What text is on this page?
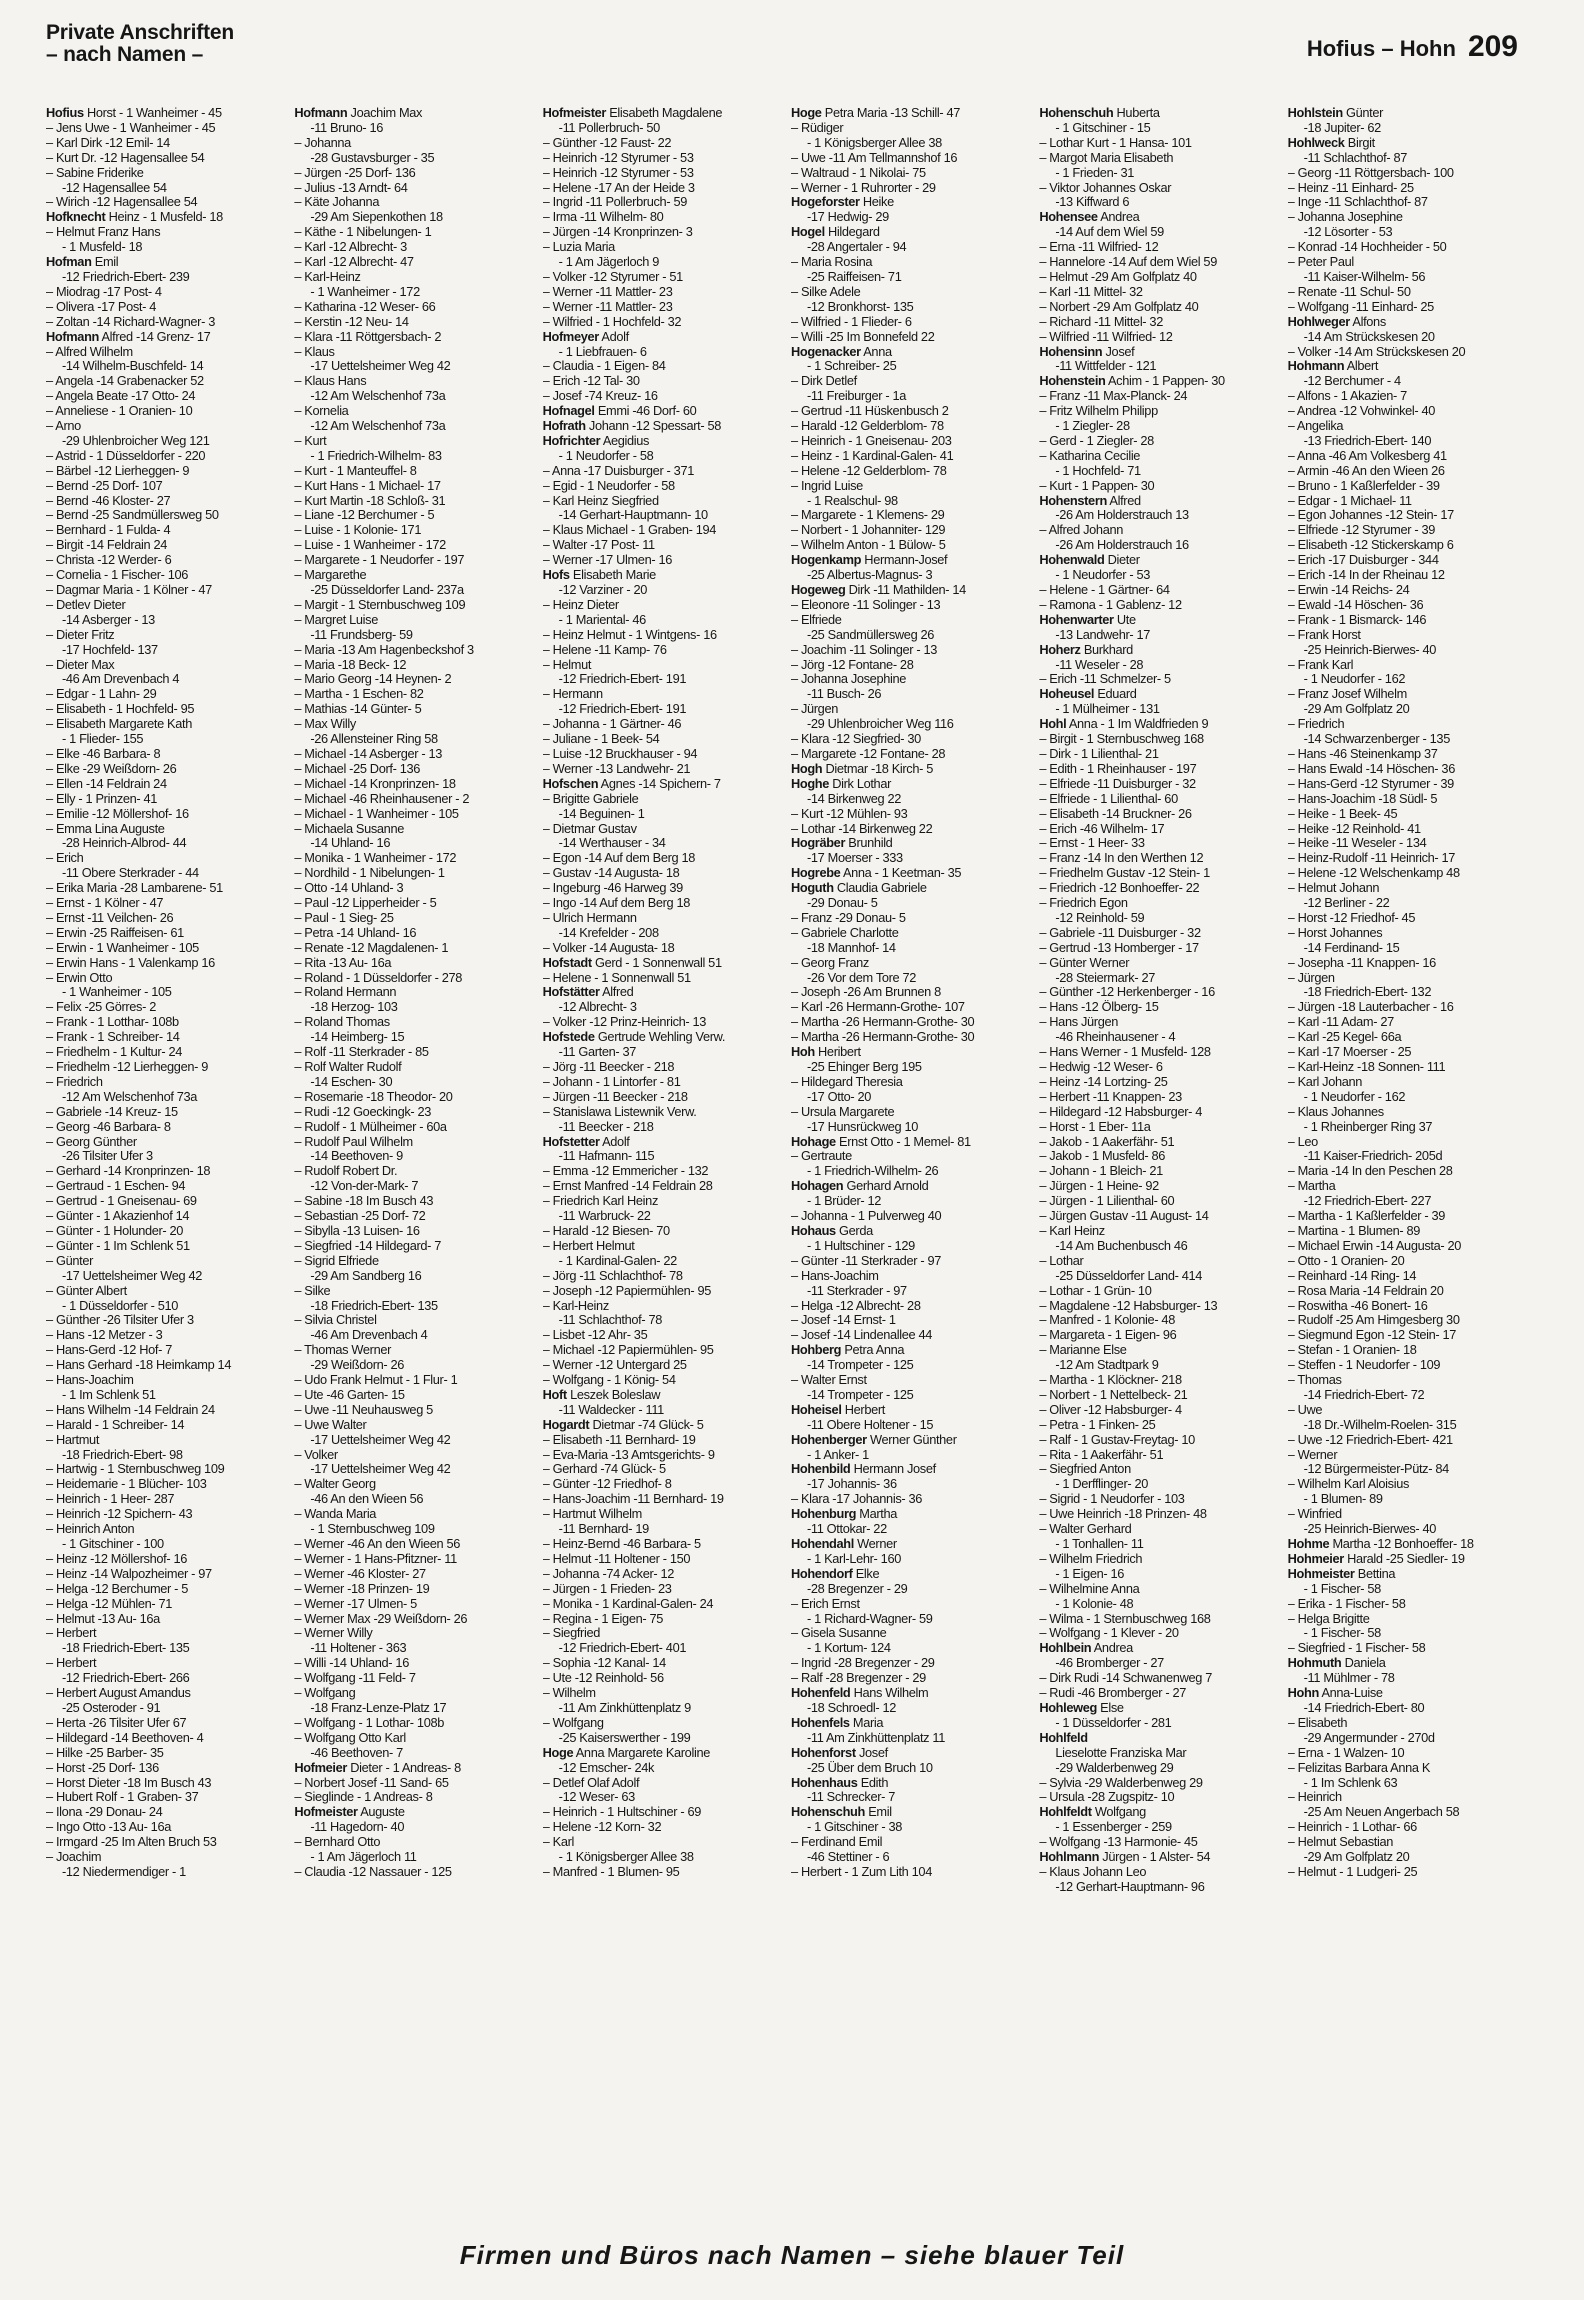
Private Anschriften
– nach Namen –	Hofius – Hohn 209
Hofius Horst - 1 Wanheimer - 45
– Jens Uwe - 1 Wanheimer - 45
– Karl Dirk -12 Emil- 14
– Kurt Dr. -12 Hagensallee 54
– Sabine Friderike
-12 Hagensallee 54
– Wirich -12 Hagensallee 54
Hofknecht Heinz - 1 Musfeld- 18
– Helmut Franz Hans
- 1 Musfeld- 18
Hofman Emil
-12 Friedrich-Ebert- 239
– Miodrag -17 Post- 4
– Olivera -17 Post- 4
– Zoltan -14 Richard-Wagner- 3
Hofmann Alfred -14 Grenz- 17
– Alfred Wilhelm
-14 Wilhelm-Buschfeld- 14
– Angela -14 Grabenacker 52
– Angela Beate -17 Otto- 24
– Anneliese - 1 Oranien- 10
– Arno
-29 Uhlenbroicher Weg 121
– Astrid - 1 Düsseldorfer - 220
– Bärbel -12 Lierheggen- 9
– Bernd -25 Dorf- 107
– Bernd -46 Kloster- 27
– Bernd -25 Sandmüllersweg 50
– Bernhard - 1 Fulda- 4
– Birgit -14 Feldrain 24
– Christa -12 Werder- 6
– Cornelia - 1 Fischer- 106
– Dagmar Maria - 1 Kölner - 47
– Detlev Dieter
-14 Asberger - 13
– Dieter Fritz
-17 Hochfeld- 137
– Dieter Max
-46 Am Drevenbach 4
– Edgar - 1 Lahn- 29
– Elisabeth - 1 Hochfeld- 95
– Elisabeth Margarete Kath
- 1 Flieder- 155
– Elke -46 Barbara- 8
– Elke -29 Weißdorn- 26
– Ellen -14 Feldrain 24
– Elly - 1 Prinzen- 41
– Emilie -12 Möllershof- 16
– Emma Lina Auguste
-28 Heinrich-Albrod- 44
– Erich
-11 Obere Sterkrader - 44
– Erika Maria -28 Lambarene- 51
– Ernst - 1 Kölner - 47
– Ernst -11 Veilchen- 26
– Erwin -25 Raiffeisen- 61
– Erwin - 1 Wanheimer - 105
– Erwin Hans - 1 Valenkamp 16
– Erwin Otto
- 1 Wanheimer - 105
– Felix -25 Görres- 2
– Frank - 1 Lotthar- 108b
– Frank - 1 Schreiber- 14
– Friedhelm - 1 Kultur- 24
– Friedhelm -12 Lierheggen- 9
– Friedrich
-12 Am Welschenhof 73a
– Gabriele -14 Kreuz- 15
– Georg -46 Barbara- 8
– Georg Günther
-26 Tilsiter Ufer 3
– Gerhard -14 Kronprinzen- 18
– Gertraud - 1 Eschen- 94
– Gertrud - 1 Gneisenau- 69
– Günter - 1 Akazienhof 14
– Günter - 1 Holunder- 20
– Günter - 1 Im Schlenk 51
– Günter
-17 Uettelsheimer Weg 42
– Günter Albert
- 1 Düsseldorfer - 510
– Günther -26 Tilsiter Ufer 3
– Hans -12 Metzer - 3
– Hans-Gerd -12 Hof- 7
– Hans Gerhard -18 Heimkamp 14
– Hans-Joachim
- 1 Im Schlenk 51
– Hans Wilhelm -14 Feldrain 24
– Harald - 1 Schreiber- 14
– Hartmut
-18 Friedrich-Ebert- 98
– Hartwig - 1 Sternbuschweg 109
– Heidemarie - 1 Blücher- 103
– Heinrich - 1 Heer- 287
– Heinrich -12 Spichern- 43
– Heinrich Anton
- 1 Gitschiner - 100
– Heinz -12 Möllershof- 16
– Heinz -14 Walpozheimer - 97
– Helga -12 Berchumer - 5
– Helga -12 Mühlen- 71
– Helmut -13 Au- 16a
– Herbert
-18 Friedrich-Ebert- 135
– Herbert
-12 Friedrich-Ebert- 266
– Herbert August Amandus
-25 Osteroder - 91
– Herta -26 Tilsiter Ufer 67
– Hildegard -14 Beethoven- 4
– Hilke -25 Barber- 35
– Horst -25 Dorf- 136
– Horst Dieter -18 Im Busch 43
– Hubert Rolf - 1 Graben- 37
– Ilona -29 Donau- 24
– Ingo Otto -13 Au- 16a
– Irmgard -25 Im Alten Bruch 53
– Joachim
-12 Niedermendiger - 1
Hofmann Joachim Max
-11 Bruno- 16
– Johanna
-28 Gustavsburger - 35
– Jürgen -25 Dorf- 136
– Julius -13 Arndt- 64
– Käte Johanna
-29 Am Siepenkothen 18
– Käthe - 1 Nibelungen- 1
– Karl -12 Albrecht- 3
– Karl -12 Albrecht- 47
– Karl-Heinz
- 1 Wanheimer - 172
– Katharina -12 Weser- 66
– Kerstin -12 Neu- 14
– Klara -11 Röttgersbach- 2
– Klaus
-17 Uettelsheimer Weg 42
– Klaus Hans
-12 Am Welschenhof 73a
– Kornelia
-12 Am Welschenhof 73a
– Kurt
- 1 Friedrich-Wilhelm- 83
– Kurt - 1 Manteuffel- 8
– Kurt Hans - 1 Michael- 17
– Kurt Martin -18 Schloß- 31
– Liane -12 Berchumer - 5
– Luise - 1 Kolonie- 171
– Luise - 1 Wanheimer - 172
– Margarete - 1 Neudorfer - 197
– Margarethe
-25 Düsseldorfer Land- 237a
– Margit - 1 Sternbuschweg 109
– Margret Luise
-11 Frundsberg- 59
– Maria -13 Am Hagenbeckshof 3
– Maria -18 Beck- 12
– Mario Georg -14 Heynen- 2
– Martha - 1 Eschen- 82
– Mathias -14 Günter- 5
– Max Willy
-26 Allensteiner Ring 58
– Michael -14 Asberger - 13
– Michael -25 Dorf- 136
– Michael -14 Kronprinzen- 18
– Michael -46 Rheinhausener - 2
– Michael - 1 Wanheimer - 105
– Michaela Susanne
-14 Uhland- 16
– Monika - 1 Wanheimer - 172
– Nordhild - 1 Nibelungen- 1
– Otto -14 Uhland- 3
– Paul -12 Lipperheider - 5
– Paul - 1 Sieg- 25
– Petra -14 Uhland- 16
– Renate -12 Magdalenen- 1
– Rita -13 Au- 16a
– Roland - 1 Düsseldorfer - 278
– Roland Hermann
-18 Herzog- 103
– Roland Thomas
-14 Heimberg- 15
– Rolf -11 Sterkrader - 85
– Rolf Walter Rudolf
-14 Eschen- 30
– Rosemarie -18 Theodor- 20
– Rudi -12 Goeckingk- 23
– Rudolf - 1 Mülheimer - 60a
– Rudolf Paul Wilhelm
-14 Beethoven- 9
– Rudolf Robert Dr.
-12 Von-der-Mark- 7
– Sabine -18 Im Busch 43
– Sebastian -25 Dorf- 72
– Sibylla -13 Luisen- 16
– Siegfried -14 Hildegard- 7
– Sigrid Elfriede
-29 Am Sandberg 16
– Silke
-18 Friedrich-Ebert- 135
– Silvia Christel
-46 Am Drevenbach 4
– Thomas Werner
-29 Weißdorn- 26
– Udo Frank Helmut - 1 Flur- 1
– Ute -46 Garten- 15
– Uwe -11 Neuhausweg 5
– Uwe Walter
-17 Uettelsheimer Weg 42
– Volker
-17 Uettelsheimer Weg 42
– Walter Georg
-46 An den Wieen 56
– Wanda Maria
- 1 Sternbuschweg 109
– Werner -46 An den Wieen 56
– Werner - 1 Hans-Pfitzner- 11
– Werner -46 Kloster- 27
– Werner -18 Prinzen- 19
– Werner -17 Ulmen- 5
– Werner Max -29 Weißdorn- 26
– Werner Willy
-11 Holtener - 363
– Willi -14 Uhland- 16
– Wolfgang -11 Feld- 7
– Wolfgang
-18 Franz-Lenze-Platz 17
– Wolfgang - 1 Lothar- 108b
– Wolfgang Otto Karl
-46 Beethoven- 7
Hofmeier Dieter - 1 Andreas- 8
– Norbert Josef -11 Sand- 65
– Sieglinde - 1 Andreas- 8
Hofmeister Auguste
-11 Hagedorn- 40
– Bernhard Otto
- 1 Am Jägerloch 11
– Claudia -12 Nassauer - 125
Hofmeister Elisabeth Magdalene
-11 Pollerbruch- 50
– Günther -12 Faust- 22
– Heinrich -12 Styrumer - 53
– Heinrich -12 Styrumer - 53
– Helene -17 An der Heide 3
– Ingrid -11 Pollerbruch- 59
– Irma -11 Wilhelm- 80
– Jürgen -14 Kronprinzen- 3
– Luzia Maria
- 1 Am Jägerloch 9
– Volker -12 Styrumer - 51
– Werner -11 Mattler- 23
– Werner -11 Mattler- 23
– Wilfried - 1 Hochfeld- 32
Hofmeyer Adolf
- 1 Liebfrauen- 6
– Claudia - 1 Eigen- 84
– Erich -12 Tal- 30
– Josef -74 Kreuz- 16
Hofnagel Emmi -46 Dorf- 60
Hofrath Johann -12 Spessart- 58
Hofrichter Aegidius
- 1 Neudorfer - 58
– Anna -17 Duisburger - 371
– Egid - 1 Neudorfer - 58
– Karl Heinz Siegfried
-14 Gerhart-Hauptmann- 10
– Klaus Michael - 1 Graben- 194
– Walter -17 Post- 11
– Werner -17 Ulmen- 16
Hofs Elisabeth Marie
-12 Varziner - 20
– Heinz Dieter
- 1 Mariental- 46
– Heinz Helmut - 1 Wintgens- 16
– Helene -11 Kamp- 76
– Helmut
-12 Friedrich-Ebert- 191
– Hermann
-12 Friedrich-Ebert- 191
– Johanna - 1 Gärtner- 46
– Juliane - 1 Beek- 54
– Luise -12 Bruckhauser - 94
– Werner -13 Landwehr- 21
Hofschen Agnes -14 Spichern- 7
– Brigitte Gabriele
-14 Beguinen- 1
– Dietmar Gustav
-14 Werthauser - 34
– Egon -14 Auf dem Berg 18
– Gustav -14 Augusta- 18
– Ingeburg -46 Harweg 39
– Ingo -14 Auf dem Berg 18
– Ulrich Hermann
-14 Krefelder - 208
– Volker -14 Augusta- 18
Hofstadt Gerd - 1 Sonnenwall 51
– Helene - 1 Sonnenwall 51
Hofstätter Alfred
-12 Albrecht- 3
– Volker -12 Prinz-Heinrich- 13
Hofstede Gertrude Wehling Verw.
-11 Garten- 37
– Jörg -11 Beecker - 218
– Johann - 1 Lintorfer - 81
– Jürgen -11 Beecker - 218
– Stanislawa Listewnik Verw.
-11 Beecker - 218
Hofstetter Adolf
-11 Hafmann- 115
– Emma -12 Emmericher - 132
– Ernst Manfred -14 Feldrain 28
– Friedrich Karl Heinz
-11 Warbruck- 22
– Harald -12 Biesen- 70
– Herbert Helmut
- 1 Kardinal-Galen- 22
– Jörg -11 Schlachthof- 78
– Joseph -12 Papiermühlen- 95
– Karl-Heinz
-11 Schlachthof- 78
– Lisbet -12 Ahr- 35
– Michael -12 Papiermühlen- 95
– Werner -12 Untergard 25
– Wolfgang - 1 König- 54
Hoft Leszek Boleslaw
-11 Waldecker - 111
Hogardt Dietmar -74 Glück- 5
– Elisabeth -11 Bernhard- 19
– Eva-Maria -13 Amtsgerichts- 9
– Gerhard -74 Glück- 5
– Günter -12 Friedhof- 8
– Hans-Joachim -11 Bernhard- 19
– Hartmut Wilhelm
-11 Bernhard- 19
– Heinz-Bernd -46 Barbara- 5
– Helmut -11 Holtener - 150
– Johanna -74 Acker- 12
– Jürgen - 1 Frieden- 23
– Monika - 1 Kardinal-Galen- 24
– Regina - 1 Eigen- 75
– Siegfried
-12 Friedrich-Ebert- 401
– Sophia -12 Kanal- 14
– Ute -12 Reinhold- 56
– Wilhelm
-11 Am Zinkhüttenplatz 9
– Wolfgang
-25 Kaiserswerther - 199
Hoge Anna Margarete Karoline
-12 Emscher- 24k
– Detlef Olaf Adolf
-12 Weser- 63
– Heinrich - 1 Hultschiner - 69
– Helene -12 Korn- 32
– Karl
- 1 Königsberger Allee 38
– Manfred - 1 Blumen- 95
Hoge Petra Maria -13 Schill- 47
– Rüdiger
- 1 Königsberger Allee 38
– Uwe -11 Am Tellmannshof 16
– Waltraud - 1 Nikolai- 75
– Werner - 1 Ruhrorter - 29
Hogeforster Heike
-17 Hedwig- 29
Hogel Hildegard
-28 Angertaler - 94
– Maria Rosina
-25 Raiffeisen- 71
– Silke Adele
-12 Bronkhorst- 135
– Wilfried - 1 Flieder- 6
– Willi -25 Im Bonnefeld 22
Hogenacker Anna
- 1 Schreiber- 25
– Dirk Detlef
-11 Freiburger - 1a
– Gertrud -11 Hüskenbusch 2
– Harald -12 Gelderblom- 78
– Heinrich - 1 Gneisenau- 203
– Heinz - 1 Kardinal-Galen- 41
– Helene -12 Gelderblom- 78
– Ingrid Luise
- 1 Realschul- 98
– Margarete - 1 Klemens- 29
– Norbert - 1 Johanniter- 129
– Wilhelm Anton - 1 Bülow- 5
Hogenkamp Hermann-Josef
-25 Albertus-Magnus- 3
Hogeweg Dirk -11 Mathilden- 14
– Eleonore -11 Solinger - 13
– Elfriede
-25 Sandmüllersweg 26
– Joachim -11 Solinger - 13
– Jörg -12 Fontane- 28
– Johanna Josephine
-11 Busch- 26
– Jürgen
-29 Uhlenbroicher Weg 116
– Klara -12 Siegfried- 30
– Margarete -12 Fontane- 28
Hogh Dietmar -18 Kirch- 5
Hoghe Dirk Lothar
-14 Birkenweg 22
– Kurt -12 Mühlen- 93
– Lothar -14 Birkenweg 22
Hogräber Brunhild
-17 Moerser - 333
Hogrebe Anna - 1 Keetman- 35
Hoguth Claudia Gabriele
-29 Donau- 5
– Franz -29 Donau- 5
– Gabriele Charlotte
-18 Mannhof- 14
– Georg Franz
-26 Vor dem Tore 72
– Joseph -26 Am Brunnen 8
– Karl -26 Hermann-Grothe- 107
– Martha -26 Hermann-Grothe- 30
– Martha -26 Hermann-Grothe- 30
Hoh Heribert
-25 Ehinger Berg 195
– Hildegard Theresia
-17 Otto- 20
– Ursula Margarete
-17 Hunsrückweg 10
Hohage Ernst Otto - 1 Memel- 81
– Gertraute
- 1 Friedrich-Wilhelm- 26
Hohagen Gerhard Arnold
- 1 Brüder- 12
– Johanna - 1 Pulverweg 40
Hohaus Gerda
- 1 Hultschiner - 129
– Günter -11 Sterkrader - 97
– Hans-Joachim
-11 Sterkrader - 97
– Helga -12 Albrecht- 28
– Josef -14 Ernst- 1
– Josef -14 Lindenallee 44
Hohberg Petra Anna
-14 Trompeter - 125
– Walter Ernst
-14 Trompeter - 125
Hoheisel Herbert
-11 Obere Holtener - 15
Hohenberger Werner Günther
- 1 Anker- 1
Hohenbild Hermann Josef
-17 Johannis- 36
– Klara -17 Johannis- 36
Hohenburg Martha
-11 Ottokar- 22
Hohendahl Werner
- 1 Karl-Lehr- 160
Hohendorf Elke
-28 Bregenzer - 29
– Erich Ernst
- 1 Richard-Wagner- 59
– Gisela Susanne
- 1 Kortum- 124
– Ingrid -28 Bregenzer - 29
– Ralf -28 Bregenzer - 29
Hohenfeld Hans Wilhelm
-18 Schroedl- 12
Hohenfels Maria
-11 Am Zinkhüttenplatz 11
Hohenforst Josef
-25 Über dem Bruch 10
Hohenhaus Edith
-11 Schrecker- 7
Hohenschuh Emil
- 1 Gitschiner - 38
– Ferdinand Emil
-46 Stettiner - 6
– Herbert - 1 Zum Lith 104
Hohenschuh Huberta
- 1 Gitschiner - 15
– Lothar Kurt - 1 Hansa- 101
– Margot Maria Elisabeth
- 1 Frieden- 31
– Viktor Johannes Oskar
-13 Kiffward 6
Hohensee Andrea
-14 Auf dem Wiel 59
– Erna -11 Wilfried- 12
– Hannelore -14 Auf dem Wiel 59
– Helmut -29 Am Golfplatz 40
– Karl -11 Mittel- 32
– Norbert -29 Am Golfplatz 40
– Richard -11 Mittel- 32
– Wilfried -11 Wilfried- 12
Hohensinn Josef
-11 Wittfelder - 121
Hohenstein Achim - 1 Pappen- 30
– Franz -11 Max-Planck- 24
– Fritz Wilhelm Philipp
- 1 Ziegler- 28
– Gerd - 1 Ziegler- 28
– Katharina Cecilie
- 1 Hochfeld- 71
– Kurt - 1 Pappen- 30
Hohenstern Alfred
-26 Am Holderstrauch 13
– Alfred Johann
-26 Am Holderstrauch 16
Hohenwald Dieter
- 1 Neudorfer - 53
– Helene - 1 Gärtner- 64
– Ramona - 1 Gablenz- 12
Hohenwarter Ute
-13 Landwehr- 17
Hoherz Burkhard
-11 Weseler - 28
– Erich -11 Schmelzer- 5
Hoheusel Eduard
- 1 Mülheimer - 131
Hohl Anna - 1 Im Waldfrieden 9
– Birgit - 1 Sternbuschweg 168
– Dirk - 1 Lilienthal- 21
– Edith - 1 Rheinhauser - 197
– Elfriede -11 Duisburger - 32
– Elfriede - 1 Lilienthal- 60
– Elisabeth -14 Bruckner- 26
– Erich -46 Wilhelm- 17
– Ernst - 1 Heer- 33
– Franz -14 In den Werthen 12
– Friedhelm Gustav -12 Stein- 1
– Friedrich -12 Bonhoeffer- 22
– Friedrich Egon
-12 Reinhold- 59
– Gabriele -11 Duisburger - 32
– Gertrud -13 Homberger - 17
– Günter Werner
-28 Steiermark- 27
– Günther -12 Herkenberger - 16
– Hans -12 Ölberg- 15
– Hans Jürgen
-46 Rheinhausener - 4
– Hans Werner - 1 Musfeld- 128
– Hedwig -12 Weser- 6
– Heinz -14 Lortzing- 25
– Herbert -11 Knappen- 23
– Hildegard -12 Habsburger- 4
– Horst - 1 Eber- 11a
– Jakob - 1 Aakerfähr- 51
– Jakob - 1 Musfeld- 86
– Johann - 1 Bleich- 21
– Jürgen - 1 Heine- 92
– Jürgen - 1 Lilienthal- 60
– Jürgen Gustav -11 August- 14
– Karl Heinz
-14 Am Buchenbusch 46
– Lothar
-25 Düsseldorfer Land- 414
– Lothar - 1 Grün- 10
– Magdalene -12 Habsburger- 13
– Manfred - 1 Kolonie- 48
– Margareta - 1 Eigen- 96
– Marianne Else
-12 Am Stadtpark 9
– Martha - 1 Klöckner- 218
– Norbert - 1 Nettelbeck- 21
– Oliver -12 Habsburger- 4
– Petra - 1 Finken- 25
– Ralf - 1 Gustav-Freytag- 10
– Rita - 1 Aakerfähr- 51
– Siegfried Anton
- 1 Derfflinger- 20
– Sigrid - 1 Neudorfer - 103
– Uwe Heinrich -18 Prinzen- 48
– Walter Gerhard
- 1 Tonhallen- 11
– Wilhelm Friedrich
- 1 Eigen- 16
– Wilhelmine Anna
- 1 Kolonie- 48
– Wilma - 1 Sternbuschweg 168
– Wolfgang - 1 Klever - 20
Hohlbein Andrea
-46 Bromberger - 27
– Dirk Rudi -14 Schwanenweg 7
– Rudi -46 Bromberger - 27
Hohleweg Else
- 1 Düsseldorfer - 281
Hohlfeld
Lieselotte Franziska Mar
-29 Walderbenweg 29
– Sylvia -29 Walderbenweg 29
– Ursula -28 Zugspitz- 10
Hohlfeldt Wolfgang
- 1 Essenberger - 259
– Wolfgang -13 Harmonie- 45
Hohlmann Jürgen - 1 Alster- 54
– Klaus Johann Leo
-12 Gerhart-Hauptmann- 96
Hohlstein Günter
-18 Jupiter- 62
Hohlweck Birgit
-11 Schlachthof- 87
– Georg -11 Röttgersbach- 100
– Heinz -11 Einhard- 25
– Inge -11 Schlachthof- 87
– Johanna Josephine
-12 Lösorter - 53
– Konrad -14 Hochheider - 50
– Peter Paul
-11 Kaiser-Wilhelm- 56
– Renate -11 Schul- 50
– Wolfgang -11 Einhard- 25
Hohlweger Alfons
-14 Am Strückskesen 20
– Volker -14 Am Strückskesen 20
Hohmann Albert
-12 Berchumer - 4
– Alfons - 1 Akazien- 7
– Andrea -12 Vohwinkel- 40
– Angelika
-13 Friedrich-Ebert- 140
– Anna -46 Am Volkesberg 41
– Armin -46 An den Wieen 26
– Bruno - 1 Kaßlerfelder - 39
– Edgar - 1 Michael- 11
– Egon Johannes -12 Stein- 17
– Elfriede -12 Styrumer - 39
– Elisabeth -12 Stickerskamp 6
– Erich -17 Duisburger - 344
– Erich -14 In der Rheinau 12
– Erwin -14 Reichs- 24
– Ewald -14 Höschen- 36
– Frank - 1 Bismarck- 146
– Frank Horst
-25 Heinrich-Bierwes- 40
– Frank Karl
- 1 Neudorfer - 162
– Franz Josef Wilhelm
-29 Am Golfplatz 20
– Friedrich
-14 Schwarzenberger - 135
– Hans -46 Steinenkamp 37
– Hans Ewald -14 Höschen- 36
– Hans-Gerd -12 Styrumer - 39
– Hans-Joachim -18 Südl- 5
– Heike - 1 Beek- 45
– Heike -12 Reinhold- 41
– Heike -11 Weseler - 134
– Heinz-Rudolf -11 Heinrich- 17
– Helene -12 Welschenkamp 48
– Helmut Johann
-12 Berliner - 22
– Horst -12 Friedhof- 45
– Horst Johannes
-14 Ferdinand- 15
– Josepha -11 Knappen- 16
– Jürgen
-18 Friedrich-Ebert- 132
– Jürgen -18 Lauterbacher - 16
– Karl -11 Adam- 27
– Karl -25 Kegel- 66a
– Karl -17 Moerser - 25
– Karl-Heinz -18 Sonnen- 111
– Karl Johann
- 1 Neudorfer - 162
– Klaus Johannes
- 1 Rheinberger Ring 37
– Leo
-11 Kaiser-Friedrich- 205d
– Maria -14 In den Peschen 28
– Martha
-12 Friedrich-Ebert- 227
– Martha - 1 Kaßlerfelder - 39
– Martina - 1 Blumen- 89
– Michael Erwin -14 Augusta- 20
– Otto - 1 Oranien- 20
– Reinhard -14 Ring- 14
– Rosa Maria -14 Feldrain 20
– Roswitha -46 Bonert- 16
– Rudolf -25 Am Himgesberg 30
– Siegmund Egon -12 Stein- 17
– Stefan - 1 Oranien- 18
– Steffen - 1 Neudorfer - 109
– Thomas
-14 Friedrich-Ebert- 72
– Uwe
-18 Dr.-Wilhelm-Roelen- 315
– Uwe -12 Friedrich-Ebert- 421
– Werner
-12 Bürgermeister-Pütz- 84
– Wilhelm Karl Aloisius
- 1 Blumen- 89
– Winfried
-25 Heinrich-Bierwes- 40
Hohme Martha -12 Bonhoeffer- 18
Hohmeier Harald -25 Siedler- 19
Hohmeister Bettina
- 1 Fischer- 58
– Erika - 1 Fischer- 58
– Helga Brigitte
- 1 Fischer- 58
– Siegfried - 1 Fischer- 58
Hohmuth Daniela
-11 Mühlmer - 78
Hohn Anna-Luise
-14 Friedrich-Ebert- 80
– Elisabeth
-29 Angermunder - 270d
– Erna - 1 Walzen- 10
– Felizitas Barbara Anna K
- 1 Im Schlenk 63
– Heinrich
-25 Am Neuen Angerbach 58
– Heinrich - 1 Lothar- 66
– Helmut Sebastian
-29 Am Golfplatz 20
– Helmut - 1 Ludgeri- 25
Firmen und Büros nach Namen – siehe blauer Teil
